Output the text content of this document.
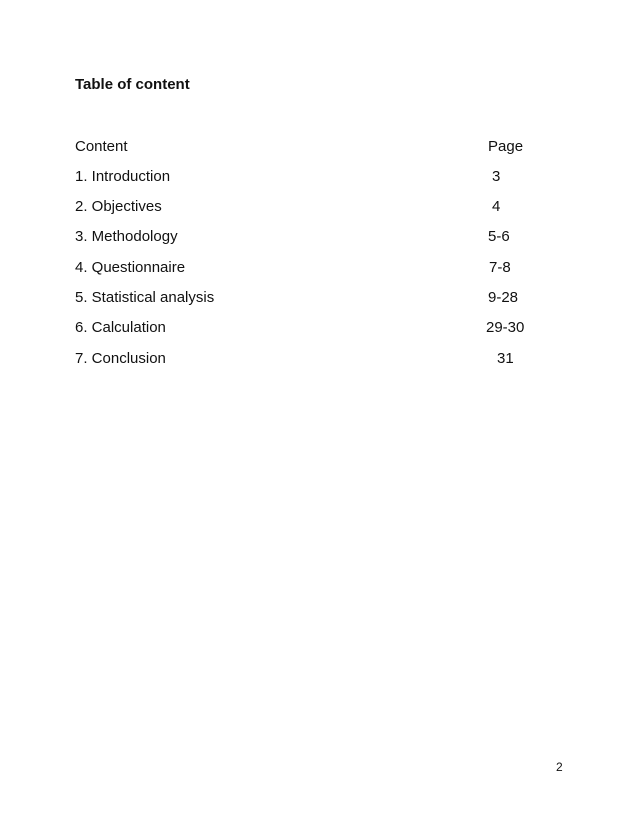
Table of content
Content	Page
1. Introduction	3
2. Objectives	4
3. Methodology	5-6
4. Questionnaire	7-8
5. Statistical analysis	9-28
6. Calculation	29-30
7. Conclusion	31
2
